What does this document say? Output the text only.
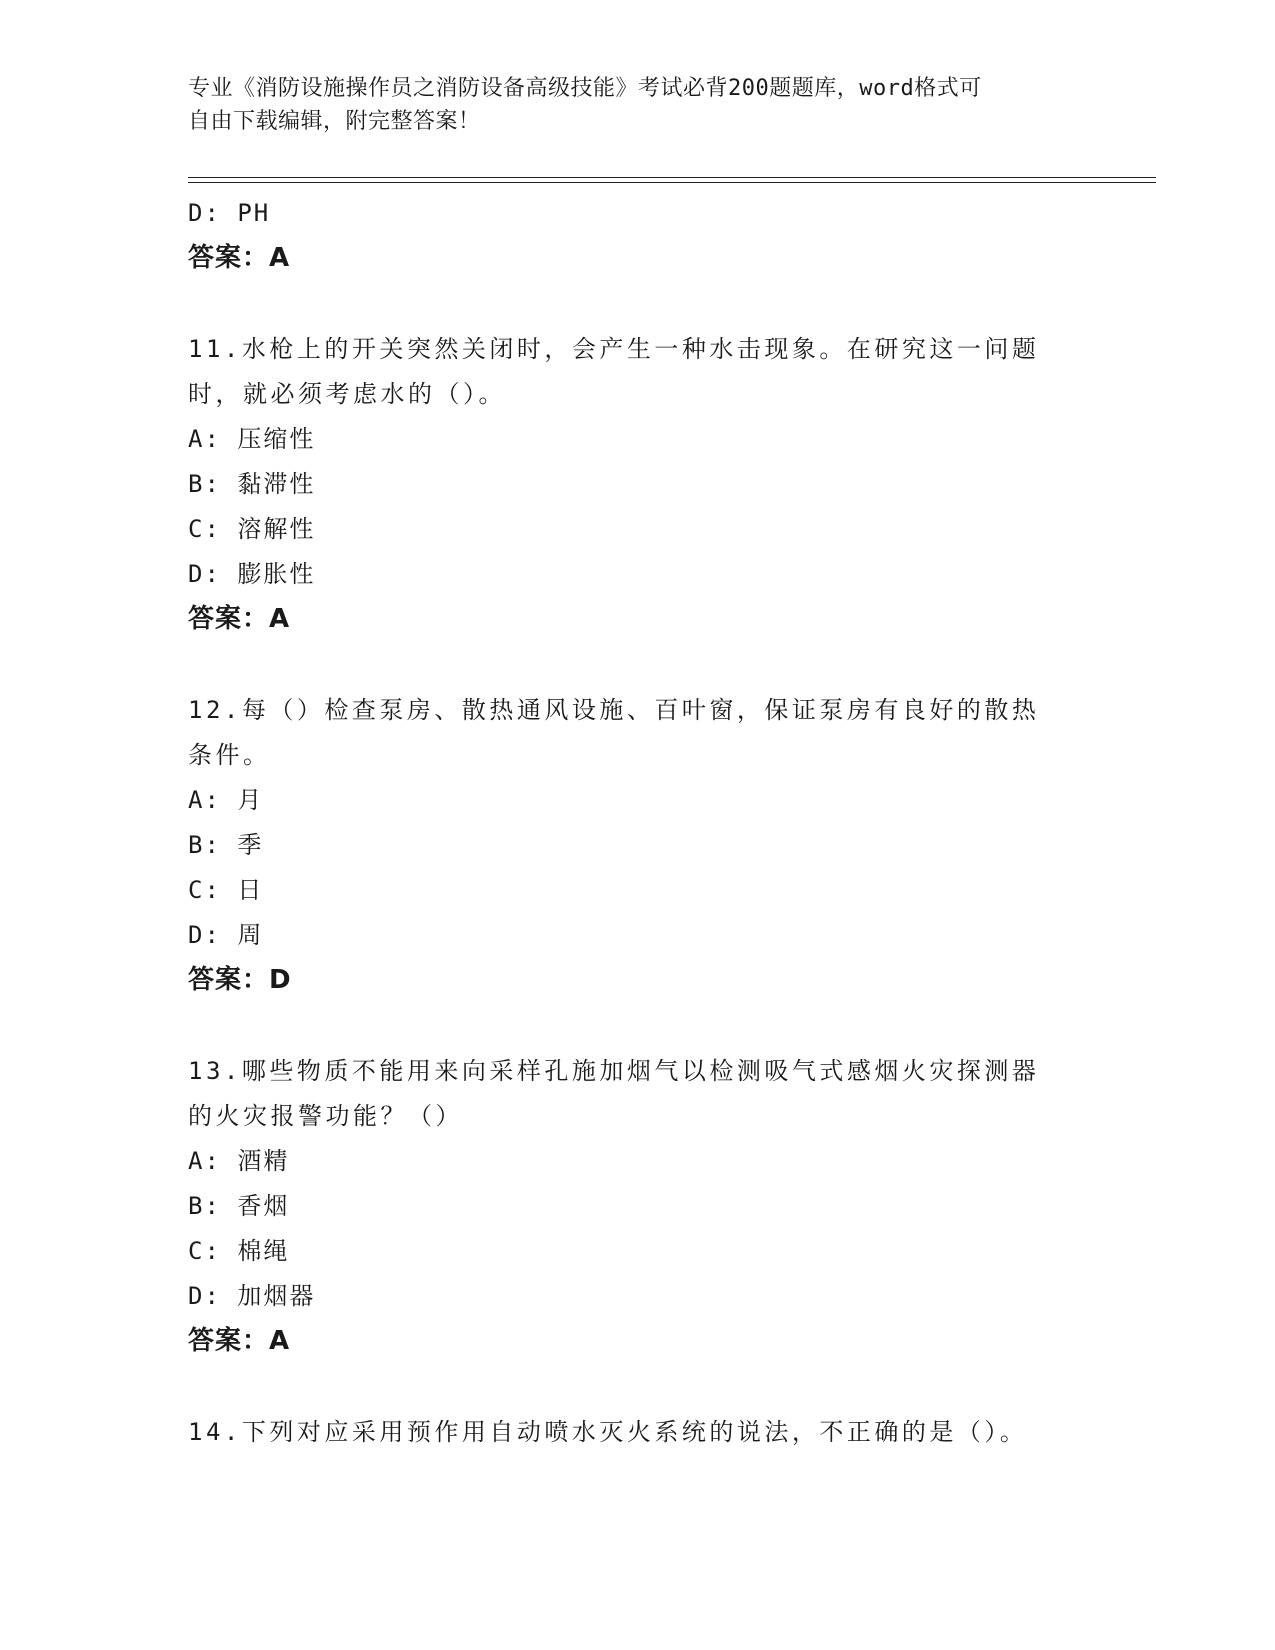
专业《消防设施操作员之消防设备高级技能》考试必背200题题库，word格式可
自由下载编辑，附完整答案！
D: PH
答案：A
11.水枪上的开关突然关闭时，会产生一种水击现象。在研究这一问题
时，就必须考虑水的（）。
A: 压缩性
B: 黏滞性
C: 溶解性
D: 膨胀性
答案：A
12.每（）检查泵房、散热通风设施、百叶窗，保证泵房有良好的散热
条件。
A: 月
B: 季
C: 日
D: 周
答案：D
13.哪些物质不能用来向采样孔施加烟气以检测吸气式感烟火灾探测器
的火灾报警功能？（）
A: 酒精
B: 香烟
C: 棉绳
D: 加烟器
答案：A
14.下列对应采用预作用自动喷水灭火系统的说法，不正确的是（）。
